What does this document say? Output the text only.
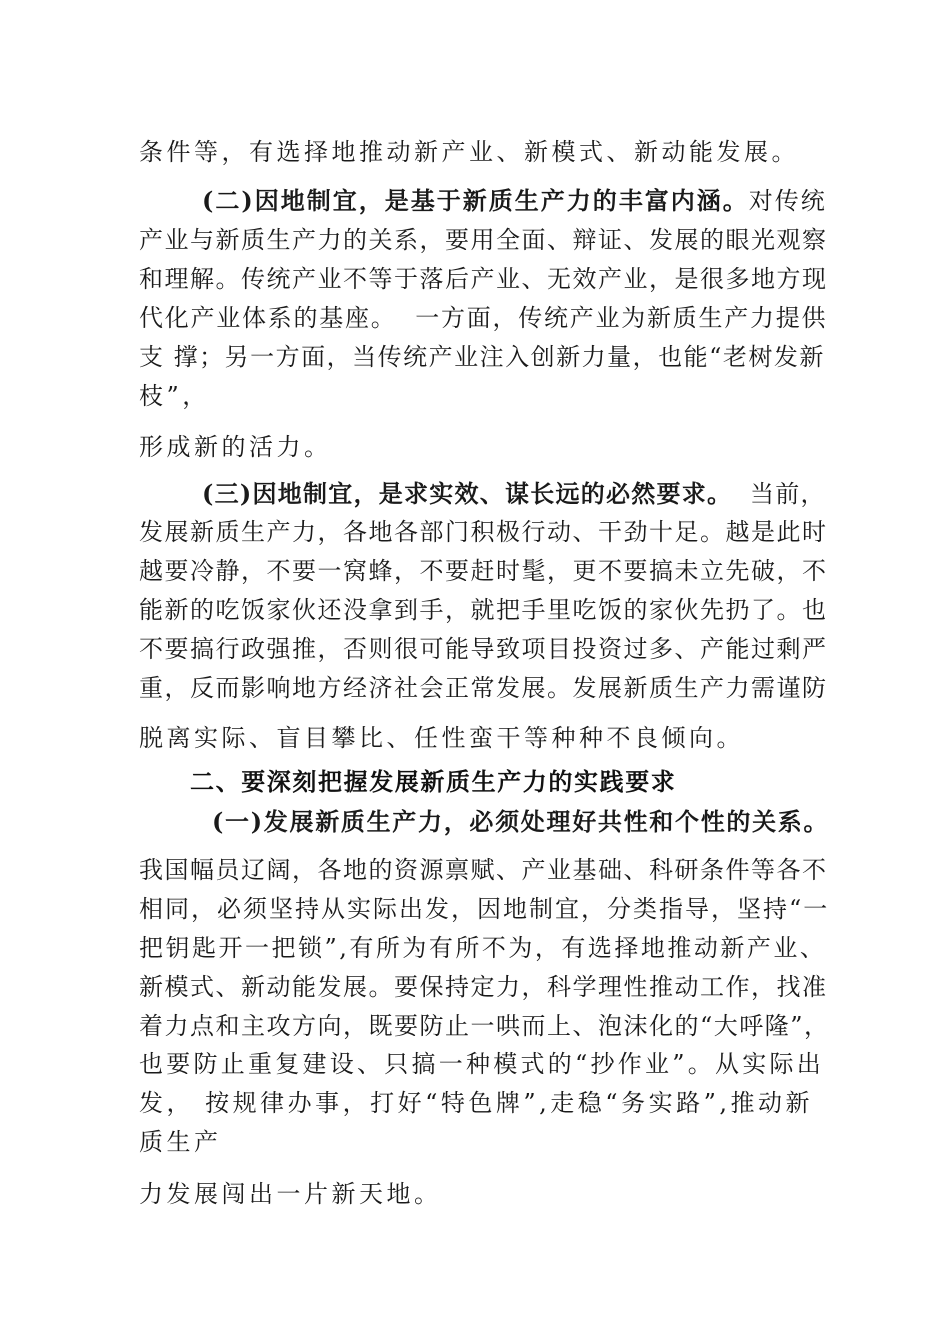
条件等，有选择地推动新产业、新模式、新动能发展。
(二)因地制宜，是基于新质生产力的丰富内涵。对传统
产业与新质生产力的关系，要用全面、辩证、发展的眼光观察
和理解。传统产业不等于落后产业、无效产业，是很多地方现
代化产业体系的基座。  一方面，传统产业为新质生产力提供
支 撑；另一方面，当传统产业注入创新力量，也能“老树发新
枝”，
形成新的活力。
(三)因地制宜，是求实效、谋长远的必然要求。  当前，
发展新质生产力，各地各部门积极行动、干劲十足。越是此时
越要冷静，不要一窝蜂，不要赶时髦，更不要搞未立先破，不
能新的吃饭家伙还没拿到手，就把手里吃饭的家伙先扔了。也
不要搞行政强推，否则很可能导致项目投资过多、产能过剩严
重，反而影响地方经济社会正常发展。发展新质生产力需谨防
脱离实际、盲目攀比、任性蛮干等种种不良倾向。
二、要深刻把握发展新质生产力的实践要求
(一)发展新质生产力，必须处理好共性和个性的关系。
我国幅员辽阔，各地的资源禀赋、产业基础、科研条件等各不
相同，必须坚持从实际出发，因地制宜，分类指导，坚持“一
把钥匙开一把锁”,有所为有所不为，有选择地推动新产业、
新模式、新动能发展。要保持定力，科学理性推动工作，找准
着力点和主攻方向，既要防止一哄而上、泡沫化的“大呼隆”，
也要防止重复建设、只搞一种模式的“抄作业”。从实际出
发， 按规律办事，打好“特色牌”,走稳“务实路”,推动新
质生产
力发展闯出一片新天地。
